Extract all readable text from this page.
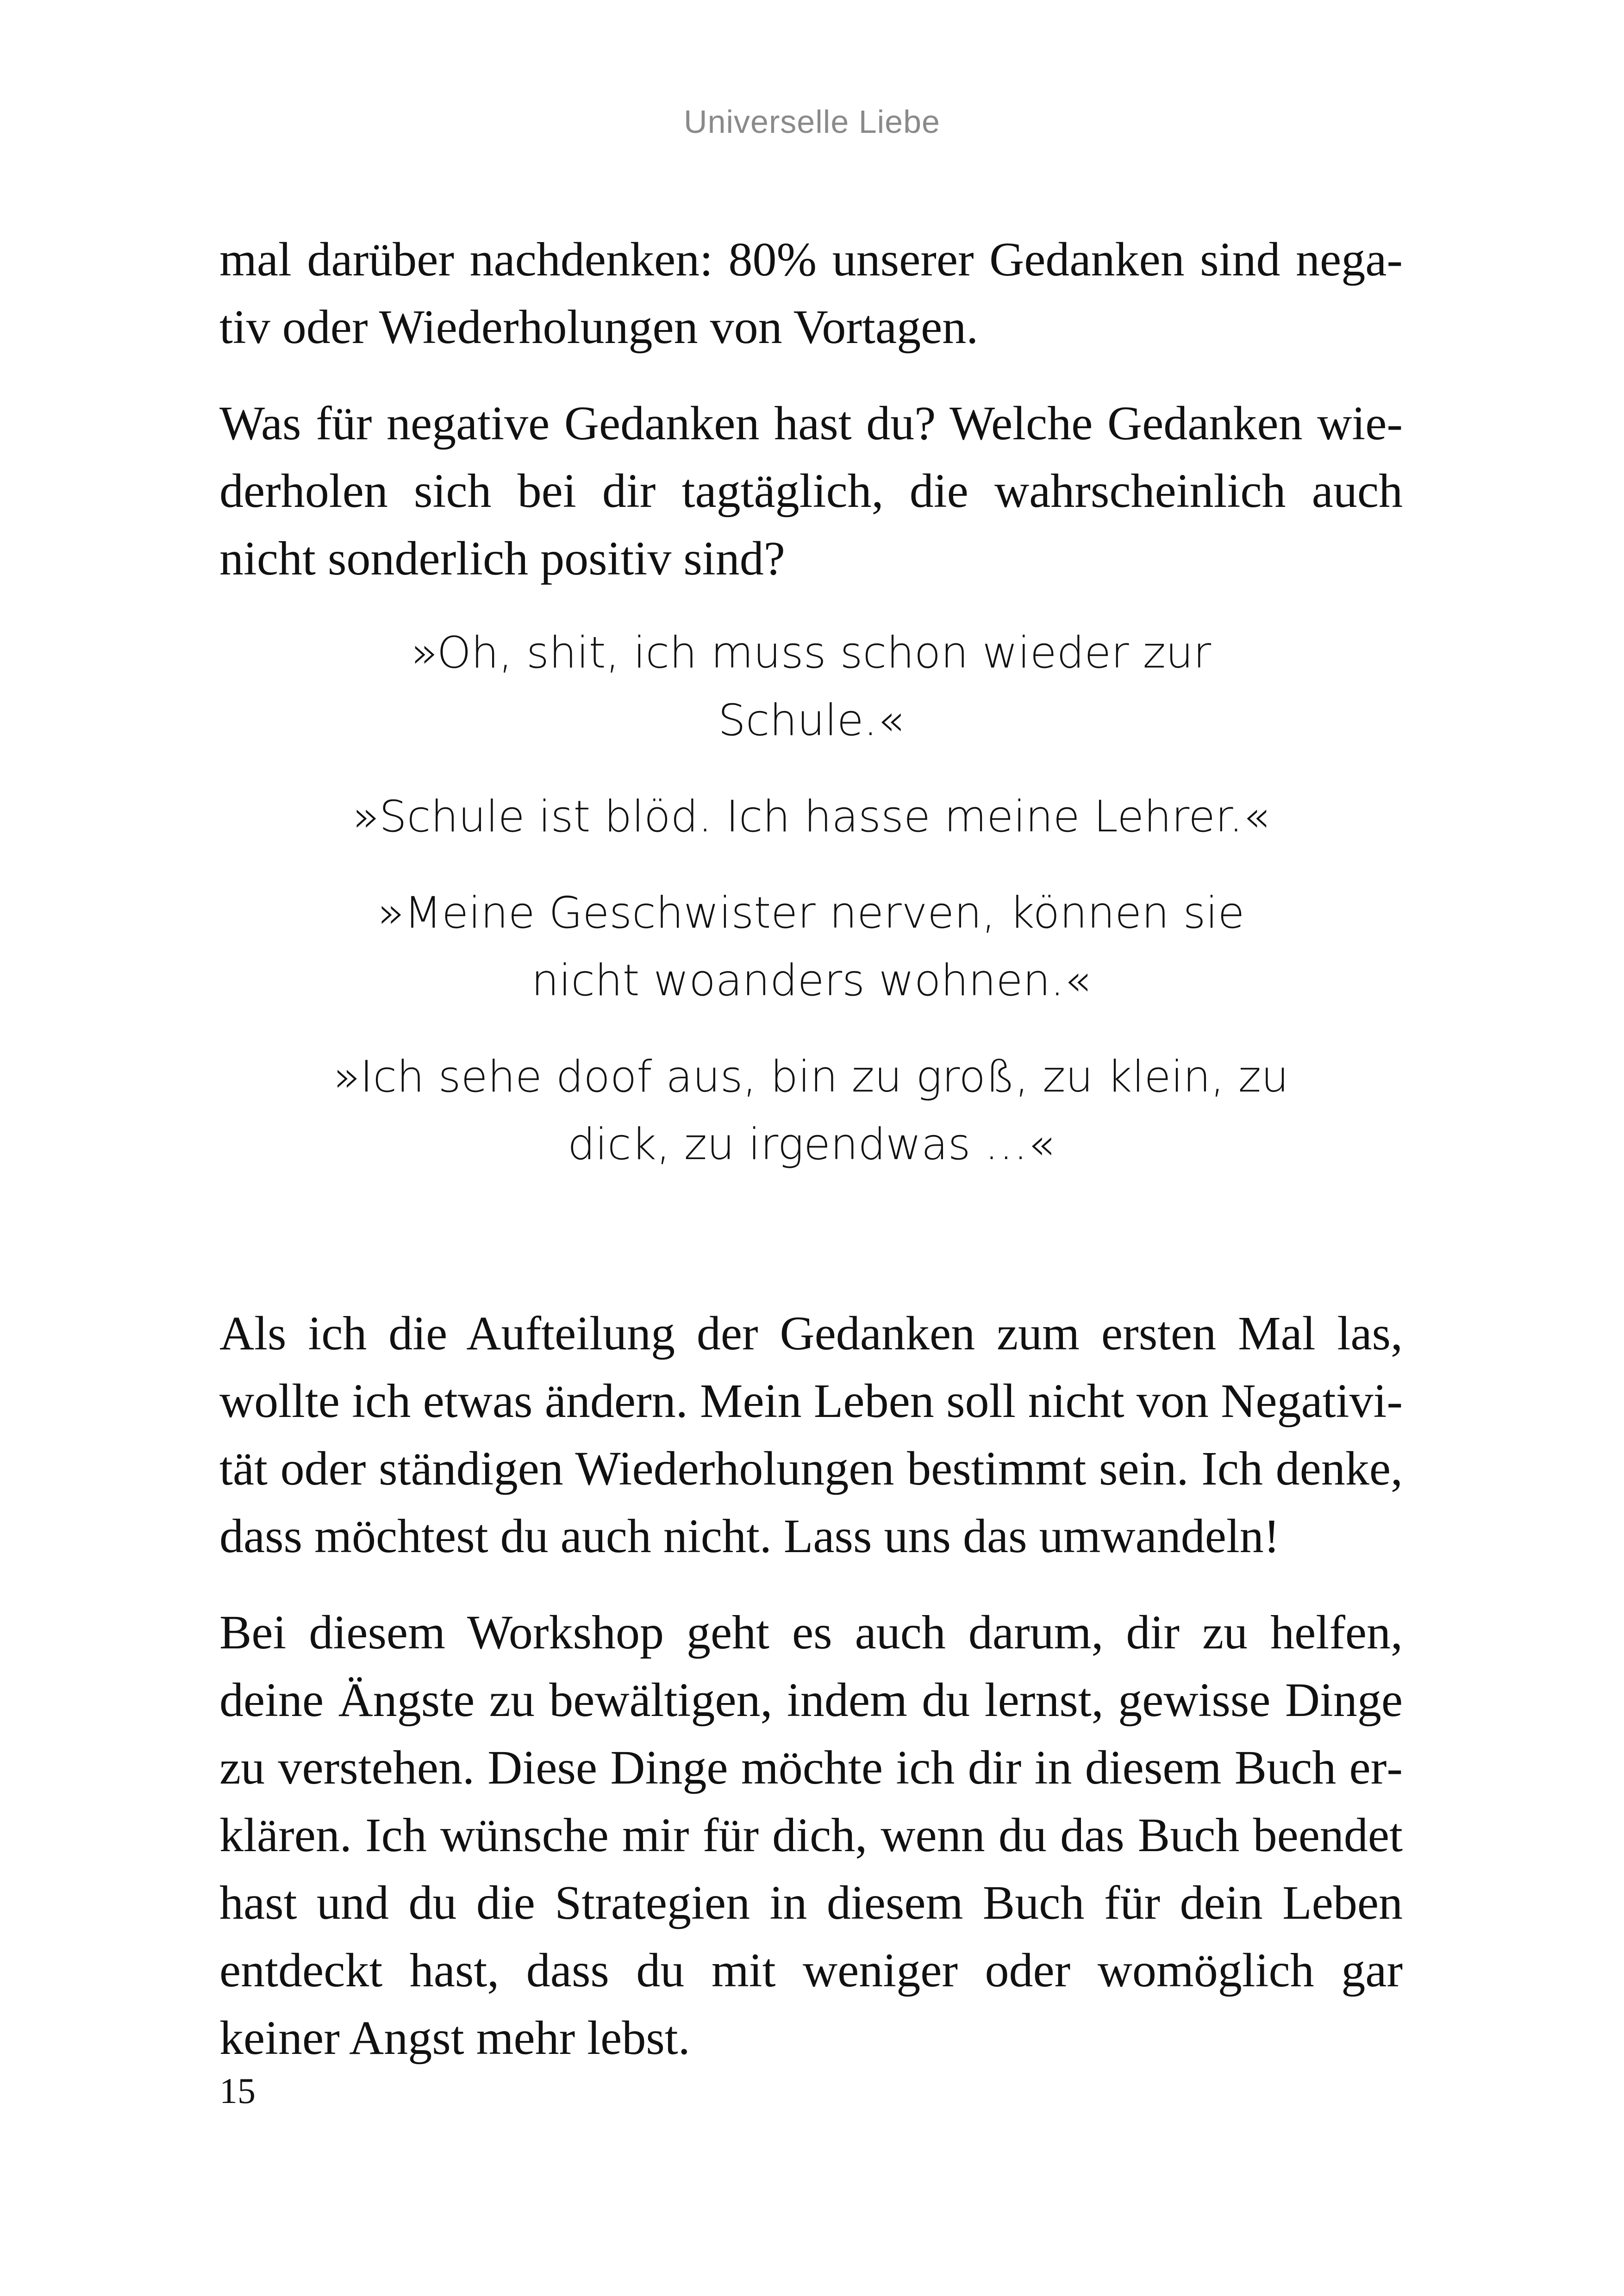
Universelle Liebe

mal darüber nachdenken: 80% unserer Gedanken sind negativ oder Wiederholungen von Vortagen.

Was für negative Gedanken hast du? Welche Gedanken wiederholen sich bei dir tagtäglich, die wahrscheinlich auch nicht sonderlich positiv sind?

»Oh, shit, ich muss schon wieder zur

Schule.«

»Schule ist blöd. Ich hasse meine Lehrer.«

»Meine Geschwister nerven, können sie

nicht woanders wohnen.«

»Ich sehe doof aus, bin zu groß, zu klein, zu

dick, zu irgendwas …«

Als ich die Aufteilung der Gedanken zum ersten Mal las, wollte ich etwas ändern. Mein Leben soll nicht von Negativität oder ständigen Wiederholungen bestimmt sein. Ich denke, dass möchtest du auch nicht. Lass uns das umwandeln!

Bei diesem Workshop geht es auch darum, dir zu helfen, deine Ängste zu bewältigen, indem du lernst, gewisse Dinge zu verstehen. Diese Dinge möchte ich dir in diesem Buch erklären. Ich wünsche mir für dich, wenn du das Buch beendet hast und du die Strategien in diesem Buch für dein Leben entdeckt hast, dass du mit weniger oder womöglich gar keiner Angst mehr lebst.

15
